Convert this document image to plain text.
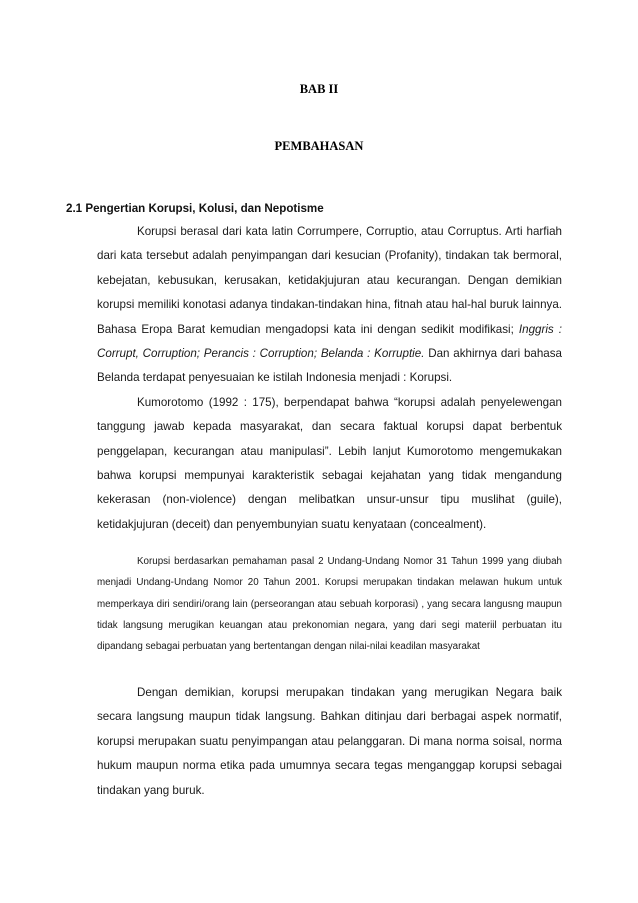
BAB II
PEMBAHASAN
2.1 Pengertian Korupsi, Kolusi, dan Nepotisme

Korupsi berasal dari kata latin Corrumpere, Corruptio, atau Corruptus. Arti harfiah dari kata tersebut adalah penyimpangan dari kesucian (Profanity), tindakan tak bermoral, kebejatan, kebusukan, kerusakan, ketidakjujuran atau kecurangan. Dengan demikian korupsi memiliki konotasi adanya tindakan-tindakan hina, fitnah atau hal-hal buruk lainnya. Bahasa Eropa Barat kemudian mengadopsi kata ini dengan sedikit modifikasi; Inggris : Corrupt, Corruption; Perancis : Corruption; Belanda : Korruptie. Dan akhirnya dari bahasa Belanda terdapat penyesuaian ke istilah Indonesia menjadi : Korupsi.

Kumorotomo (1992 : 175), berpendapat bahwa “korupsi adalah penyelewengan tanggung jawab kepada masyarakat, dan secara faktual korupsi dapat berbentuk penggelapan, kecurangan atau manipulasi”. Lebih lanjut Kumorotomo mengemukakan bahwa korupsi mempunyai karakteristik sebagai kejahatan yang tidak mengandung kekerasan (non-violence) dengan melibatkan unsur-unsur tipu muslihat (guile), ketidakjujuran (deceit) dan penyembunyian suatu kenyataan (concealment).

Korupsi berdasarkan pemahaman pasal 2 Undang-Undang Nomor 31 Tahun 1999 yang diubah menjadi Undang-Undang Nomor 20 Tahun 2001. Korupsi merupakan tindakan melawan hukum untuk memperkaya diri sendiri/orang lain (perseorangan atau sebuah korporasi) , yang secara langusng maupun tidak langsung merugikan keuangan atau prekonomian negara, yang dari segi materiil perbuatan itu dipandang sebagai perbuatan yang bertentangan dengan nilai-nilai keadilan masyarakat

Dengan demikian, korupsi merupakan tindakan yang merugikan Negara baik secara langsung maupun tidak langsung. Bahkan ditinjau dari berbagai aspek normatif, korupsi merupakan suatu penyimpangan atau pelanggaran. Di mana norma soisal, norma hukum maupun norma etika pada umumnya secara tegas menganggap korupsi sebagai tindakan yang buruk.
